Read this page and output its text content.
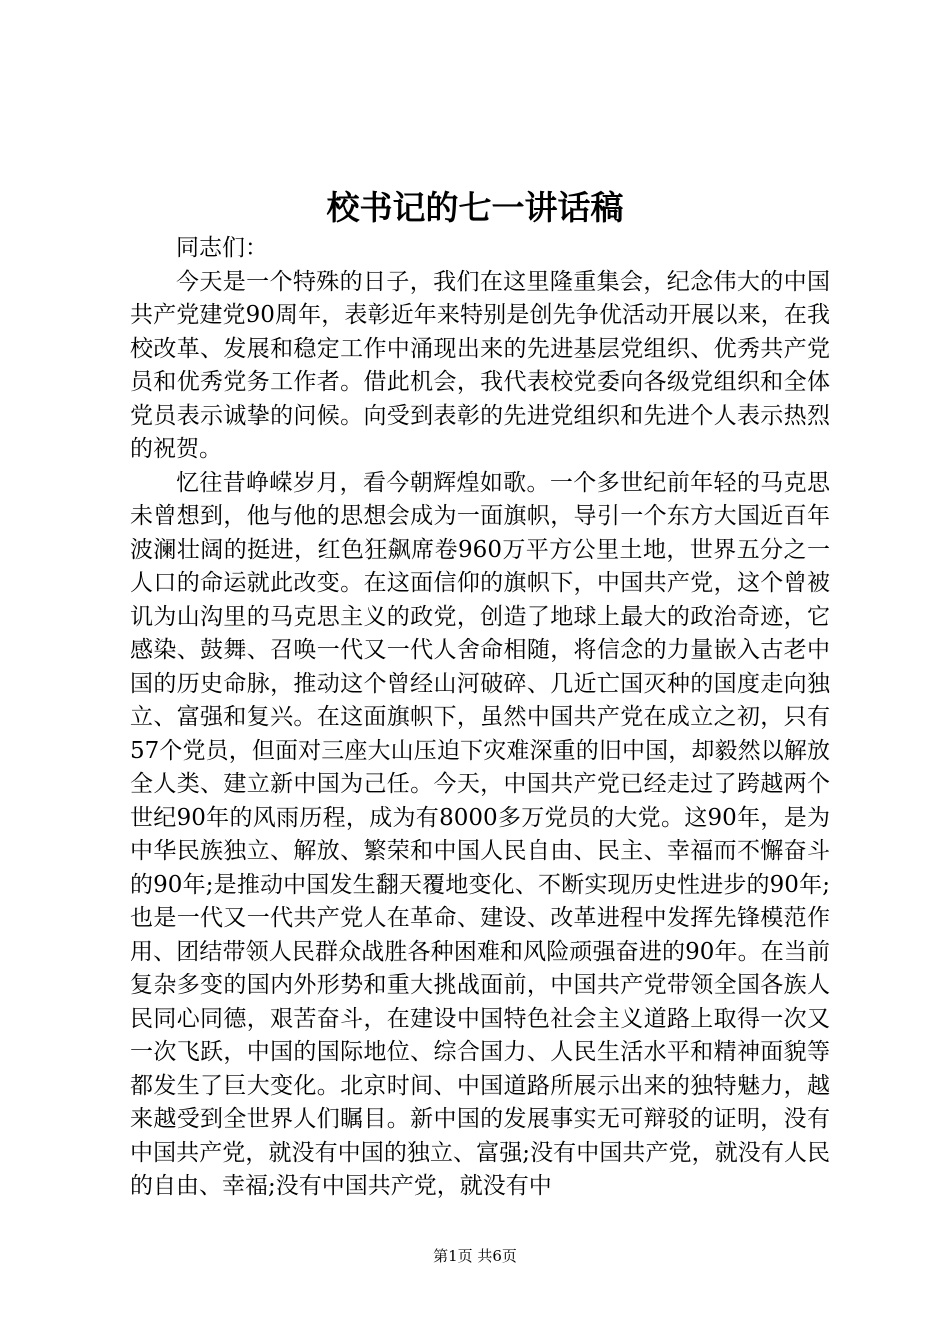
校书记的七一讲话稿

同志们：

今天是一个特殊的日子，我们在这里隆重集会，纪念伟大的中国共产党建党90周年，表彰近年来特别是创先争优活动开展以来，在我校改革、发展和稳定工作中涌现出来的先进基层党组织、优秀共产党员和优秀党务工作者。借此机会，我代表校党委向各级党组织和全体党员表示诚挚的问候。向受到表彰的先进党组织和先进个人表示热烈的祝贺。

忆往昔峥嵘岁月，看今朝辉煌如歌。一个多世纪前年轻的马克思未曾想到，他与他的思想会成为一面旗帜，导引一个东方大国近百年波澜壮阔的挺进，红色狂飙席卷960万平方公里土地，世界五分之一人口的命运就此改变。在这面信仰的旗帜下，中国共产党，这个曾被讥为山沟里的马克思主义的政党，创造了地球上最大的政治奇迹，它感染、鼓舞、召唤一代又一代人舍命相随，将信念的力量嵌入古老中国的历史命脉，推动这个曾经山河破碎、几近亡国灭种的国度走向独立、富强和复兴。在这面旗帜下，虽然中国共产党在成立之初，只有57个党员，但面对三座大山压迫下灾难深重的旧中国，却毅然以解放全人类、建立新中国为己任。今天，中国共产党已经走过了跨越两个世纪90年的风雨历程，成为有8000多万党员的大党。这90年，是为中华民族独立、解放、繁荣和中国人民自由、民主、幸福而不懈奋斗的90年;是推动中国发生翻天覆地变化、不断实现历史性进步的90年;也是一代又一代共产党人在革命、建设、改革进程中发挥先锋模范作用、团结带领人民群众战胜各种困难和风险顽强奋进的90年。在当前复杂多变的国内外形势和重大挑战面前，中国共产党带领全国各族人民同心同德，艰苦奋斗，在建设中国特色社会主义道路上取得一次又一次飞跃，中国的国际地位、综合国力、人民生活水平和精神面貌等都发生了巨大变化。北京时间、中国道路所展示出来的独特魅力，越来越受到全世界人们瞩目。新中国的发展事实无可辩驳的证明，没有中国共产党，就没有中国的独立、富强;没有中国共产党，就没有人民的自由、幸福;没有中国共产党，就没有中

第1页 共6页
